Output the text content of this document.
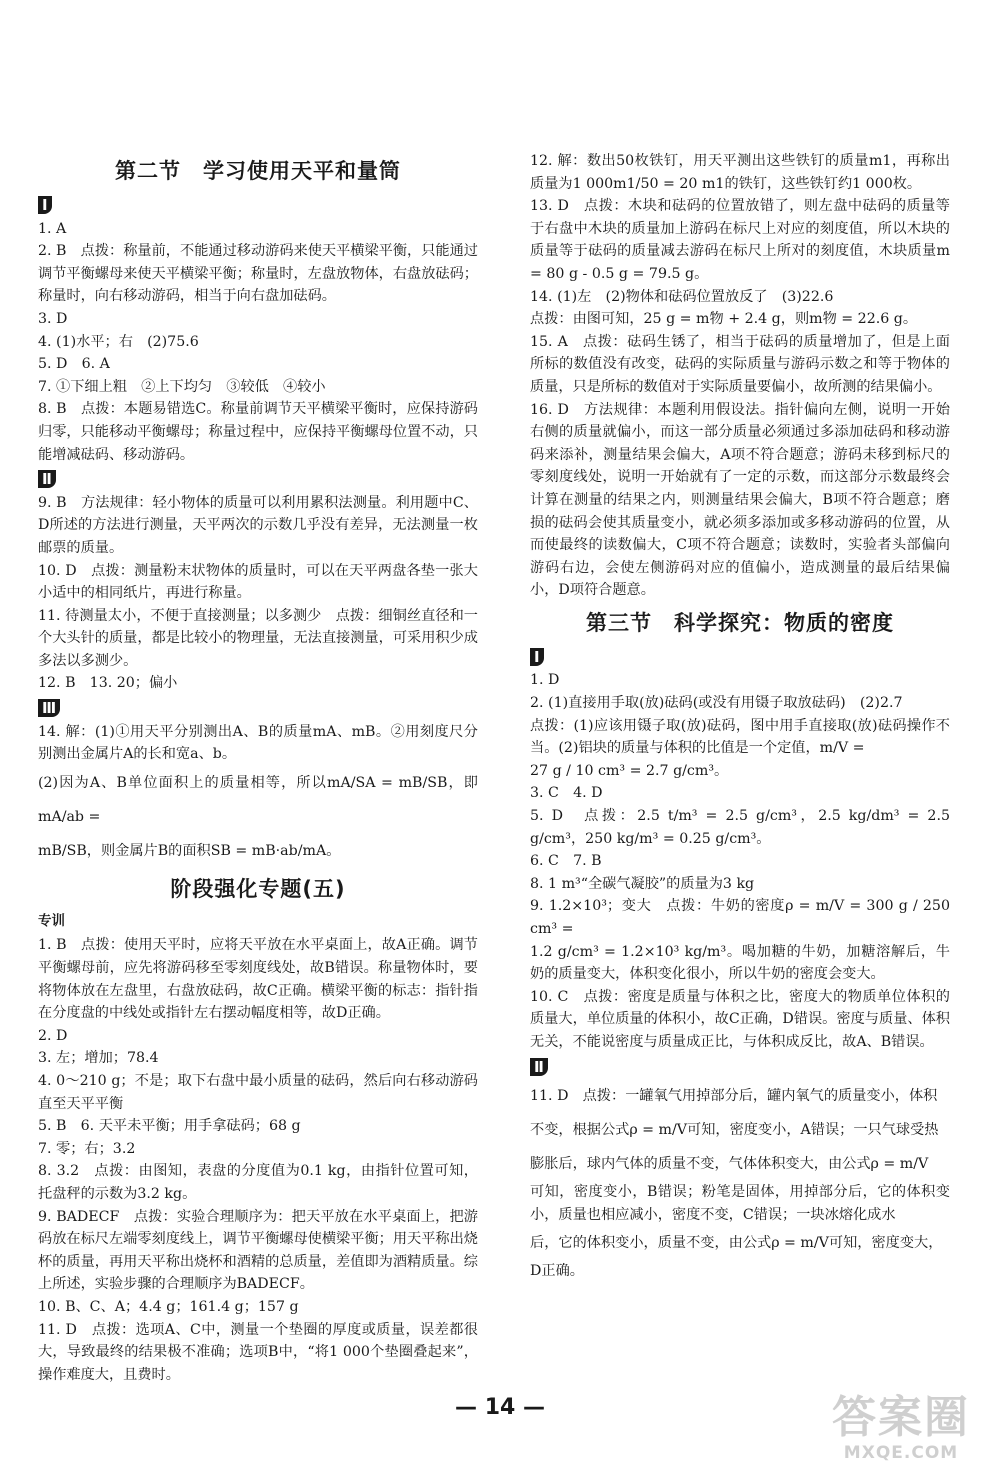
第二节　学习使用天平和量筒
Ⅰ

1. A

2. B　点拨：称量前，不能通过移动游码来使天平横梁平衡，只能通过调节平衡螺母来使天平横梁平衡；称量时，左盘放物体，右盘放砝码；称量时，向右移动游码，相当于向右盘加砝码。

3. D

4. (1)水平；右　(2)75.6

5. D　6. A

7. ①下细上粗　②上下均匀　③较低　④较小

8. B　点拨：本题易错选C。称量前调节天平横梁平衡时，应保持游码归零，只能移动平衡螺母；称量过程中，应保持平衡螺母位置不动，只能增减砝码、移动游码。

Ⅱ

9. B　方法规律：轻小物体的质量可以利用累积法测量。利用题中C、D所述的方法进行测量，天平两次的示数几乎没有差异，无法测量一枚邮票的质量。

10. D　点拨：测量粉末状物体的质量时，可以在天平两盘各垫一张大小适中的相同纸片，再进行称量。

11. 待测量太小，不便于直接测量；以多测少　点拨：细铜丝直径和一个大头针的质量，都是比较小的物理量，无法直接测量，可采用积少成多法以多测少。

12. B　13. 20；偏小

Ⅲ

14. 解：(1)①用天平分别测出A、B的质量mA、mB。②用刻度尺分别测出金属片A的长和宽a、b。

(2)因为A、B单位面积上的质量相等，所以mA/SA = mB/SB，即mA/ab =

mB/SB，则金属片B的面积SB = mB·ab/mA。

阶段强化专题(五)
专训

1. B　点拨：使用天平时，应将天平放在水平桌面上，故A正确。调节平衡螺母前，应先将游码移至零刻度线处，故B错误。称量物体时，要将物体放在左盘里，右盘放砝码，故C正确。横梁平衡的标志：指针指在分度盘的中线处或指针左右摆动幅度相等，故D正确。

2. D

3. 左；增加；78.4

4. 0～210 g；不是；取下右盘中最小质量的砝码，然后向右移动游码直至天平平衡

5. B　6. 天平未平衡；用手拿砝码；68 g

7. 零；右；3.2

8. 3.2　点拨：由图知，表盘的分度值为0.1 kg，由指针位置可知，托盘秤的示数为3.2 kg。

9. BADECF　点拨：实验合理顺序为：把天平放在水平桌面上，把游码放在标尺左端零刻度线上，调节平衡螺母使横梁平衡；用天平称出烧杯的质量，再用天平称出烧杯和酒精的总质量，差值即为酒精质量。综上所述，实验步骤的合理顺序为BADECF。

10. B、C、A；4.4 g；161.4 g；157 g

11. D　点拨：选项A、C中，测量一个垫圈的厚度或质量，误差都很大，导致最终的结果极不准确；选项B中，“将1 000个垫圈叠起来”，操作难度大，且费时。

12. 解：数出50枚铁钉，用天平测出这些铁钉的质量m1，再称出质量为1 000m1/50 = 20 m1的铁钉，这些铁钉约1 000枚。

13. D　点拨：木块和砝码的位置放错了，则左盘中砝码的质量等于右盘中木块的质量加上游码在标尺上对应的刻度值，所以木块的质量等于砝码的质量减去游码在标尺上所对的刻度值，木块质量m = 80 g - 0.5 g = 79.5 g。

14. (1)左　(2)物体和砝码位置放反了　(3)22.6

点拨：由图可知，25 g = m物 + 2.4 g，则m物 = 22.6 g。

15. A　点拨：砝码生锈了，相当于砝码的质量增加了，但是上面所标的数值没有改变，砝码的实际质量与游码示数之和等于物体的质量，只是所标的数值对于实际质量要偏小，故所测的结果偏小。

16. D　方法规律：本题利用假设法。指针偏向左侧，说明一开始右侧的质量就偏小，而这一部分质量必须通过多添加砝码和移动游码来添补，测量结果会偏大，A项不符合题意；游码未移到标尺的零刻度线处，说明一开始就有了一定的示数，而这部分示数最终会计算在测量的结果之内，则测量结果会偏大，B项不符合题意；磨损的砝码会使其质量变小，就必须多添加或多移动游码的位置，从而使最终的读数偏大，C项不符合题意；读数时，实验者头部偏向游码右边，会使左侧游码对应的值偏小，造成测量的最后结果偏小，D项符合题意。

第三节　科学探究：物质的密度
Ⅰ

1. D

2. (1)直接用手取(放)砝码(或没有用镊子取放砝码)　(2)2.7

点拨：(1)应该用镊子取(放)砝码，图中用手直接取(放)砝码操作不当。(2)铝块的质量与体积的比值是一个定值，m/V =

27 g / 10 cm³ = 2.7 g/cm³。

3. C　4. D

5. D　点拨：2.5 t/m³ = 2.5 g/cm³，2.5 kg/dm³ = 2.5 g/cm³，250 kg/m³ = 0.25 g/cm³。

6. C　7. B

8. 1 m³“全碳气凝胶”的质量为3 kg

9. 1.2×10³；变大　点拨：牛奶的密度ρ = m/V = 300 g / 250 cm³ =

1.2 g/cm³ = 1.2×10³ kg/m³。喝加糖的牛奶，加糖溶解后，牛奶的质量变大，体积变化很小，所以牛奶的密度会变大。

10. C　点拨：密度是质量与体积之比，密度大的物质单位体积的质量大，单位质量的体积小，故C正确，D错误。密度与质量、体积无关，不能说密度与质量成正比，与体积成反比，故A、B错误。

Ⅱ

11. D　点拨：一罐氧气用掉部分后，罐内氧气的质量变小，体积

不变，根据公式ρ = m/V可知，密度变小，A错误；一只气球受热

膨胀后，球内气体的质量不变，气体体积变大，由公式ρ = m/V

可知，密度变小，B错误；粉笔是固体，用掉部分后，它的体积变小，质量也相应减小，密度不变，C错误；一块冰熔化成水

后，它的体积变小，质量不变，由公式ρ = m/V可知，密度变大，

D正确。

— 14 —	答案圈
MXQE.COM
